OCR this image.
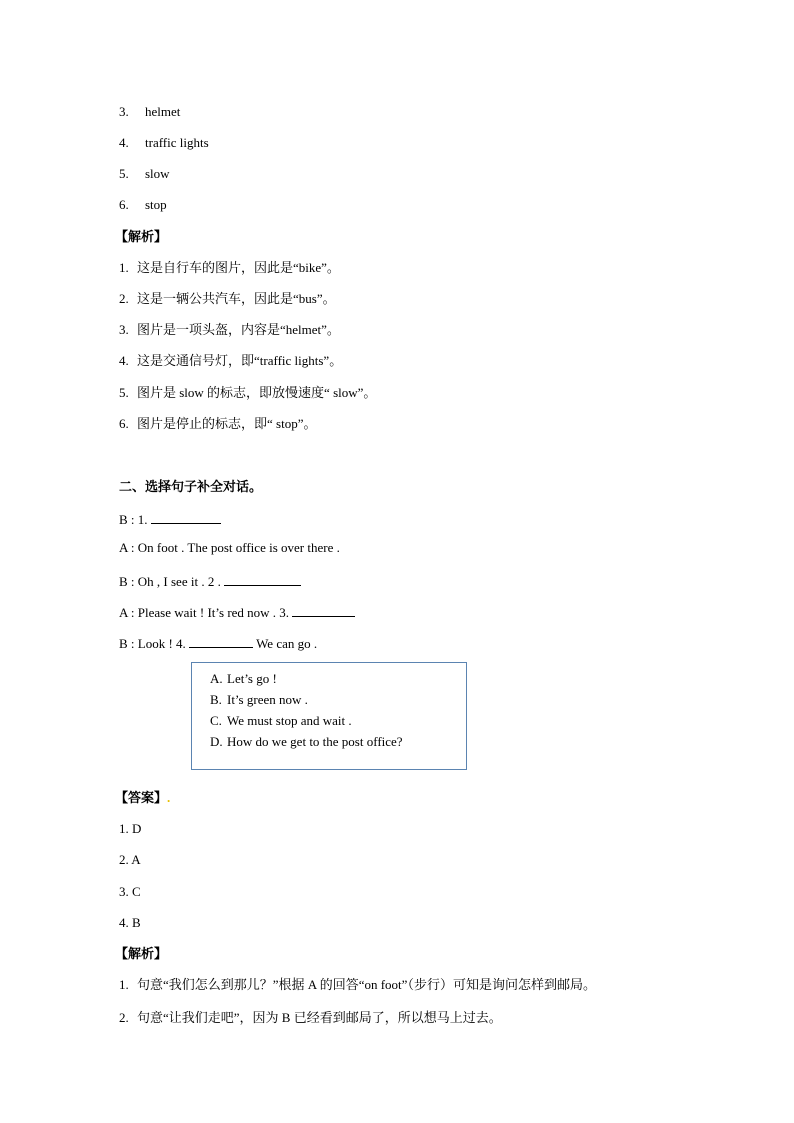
3. helmet
4. traffic lights
5. slow
6. stop
【解析】
1. 这是自行车的图片，因此是“bike”。
2. 这是一辆公共汽车，因此是“bus”。
3. 图片是一项头盔，内容是“helmet”。
4. 这是交通信号灯，即“traffic lights”。
5. 图片是 slow 的标志，即放慢速度“ slow”。
6. 图片是停止的标志，即“ stop”。
二、选择句子补全对话。
B : 1.
A : On foot . The post office is over there .
B : Oh , I see it . 2 .
A : Please wait ! It’s red now . 3.
B : Look ! 4.	We can go .
A. Let’s go !
B. It’s green now .
C. We must stop and wait .
D. How do we get to the post office?
【答案】.
1. D
2. A
3. C
4. B
【解析】
1. 句意“我们怎么到那儿？”根据 A 的回答“on foot”（步行）可知是询问怎样到邮局。
2. 句意“让我们走吧”，因为 B 已经看到邮局了，所以想马上过去。
